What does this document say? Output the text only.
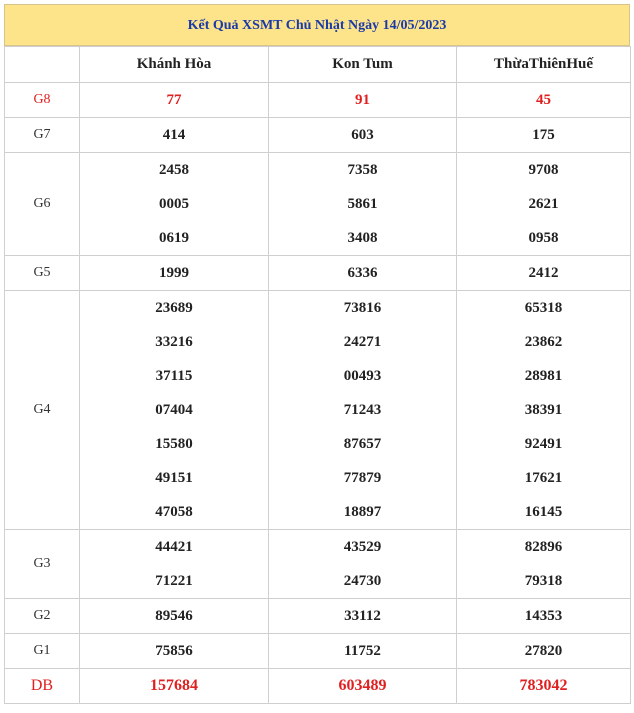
Kết Quả XSMT Chủ Nhật Ngày 14/05/2023
	Khánh Hòa	Kon Tum	ThừaThiênHuế
G8	77	91	45
G7	414	603	175
G6	2458	7358	9708
	0005	5861	2621
	0619	3408	0958
G5	1999	6336	2412
G4	23689	73816	65318
	33216	24271	23862
	37115	00493	28981
	07404	71243	38391
	15580	87657	92491
	49151	77879	17621
	47058	18897	16145
G3	44421	43529	82896
	71221	24730	79318
G2	89546	33112	14353
G1	75856	11752	27820
DB	157684	603489	783042
